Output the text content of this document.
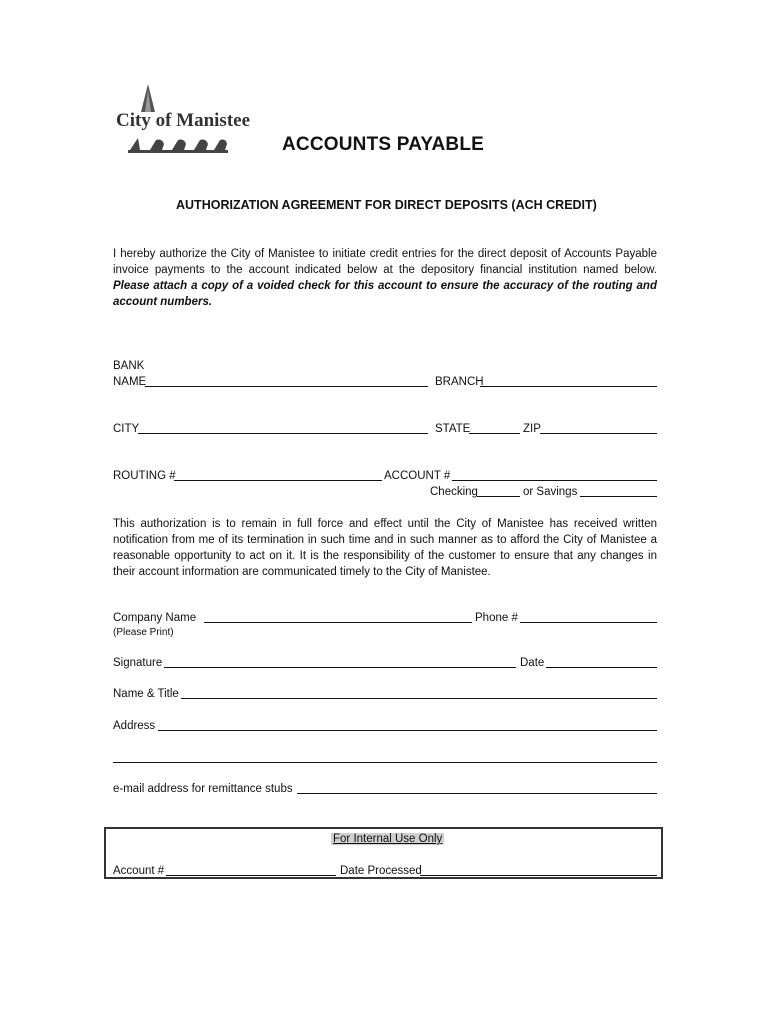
City of Manistee
ACCOUNTS PAYABLE
AUTHORIZATION AGREEMENT FOR DIRECT DEPOSITS (ACH CREDIT)
I hereby authorize the City of Manistee to initiate credit entries for the direct deposit of Accounts Payable
invoice payments to the account indicated below at the depository financial institution named below.
Please attach a copy of a voided check for this account to ensure the accuracy of the routing and
account numbers.
BANK
NAME	BRANCH
CITY	STATE	ZIP
ROUTING #	ACCOUNT #
Checking	or Savings
This authorization is to remain in full force and effect until the City of Manistee has received written
notification from me of its termination in such time and in such manner as to afford the City of Manistee a
reasonable opportunity to act on it. It is the responsibility of the customer to ensure that any changes in
their account information are communicated timely to the City of Manistee.
Company Name	Phone #
(Please Print)
Signature	Date
Name & Title
Address
e-mail address for remittance stubs
For Internal Use Only
Account #	Date Processed
